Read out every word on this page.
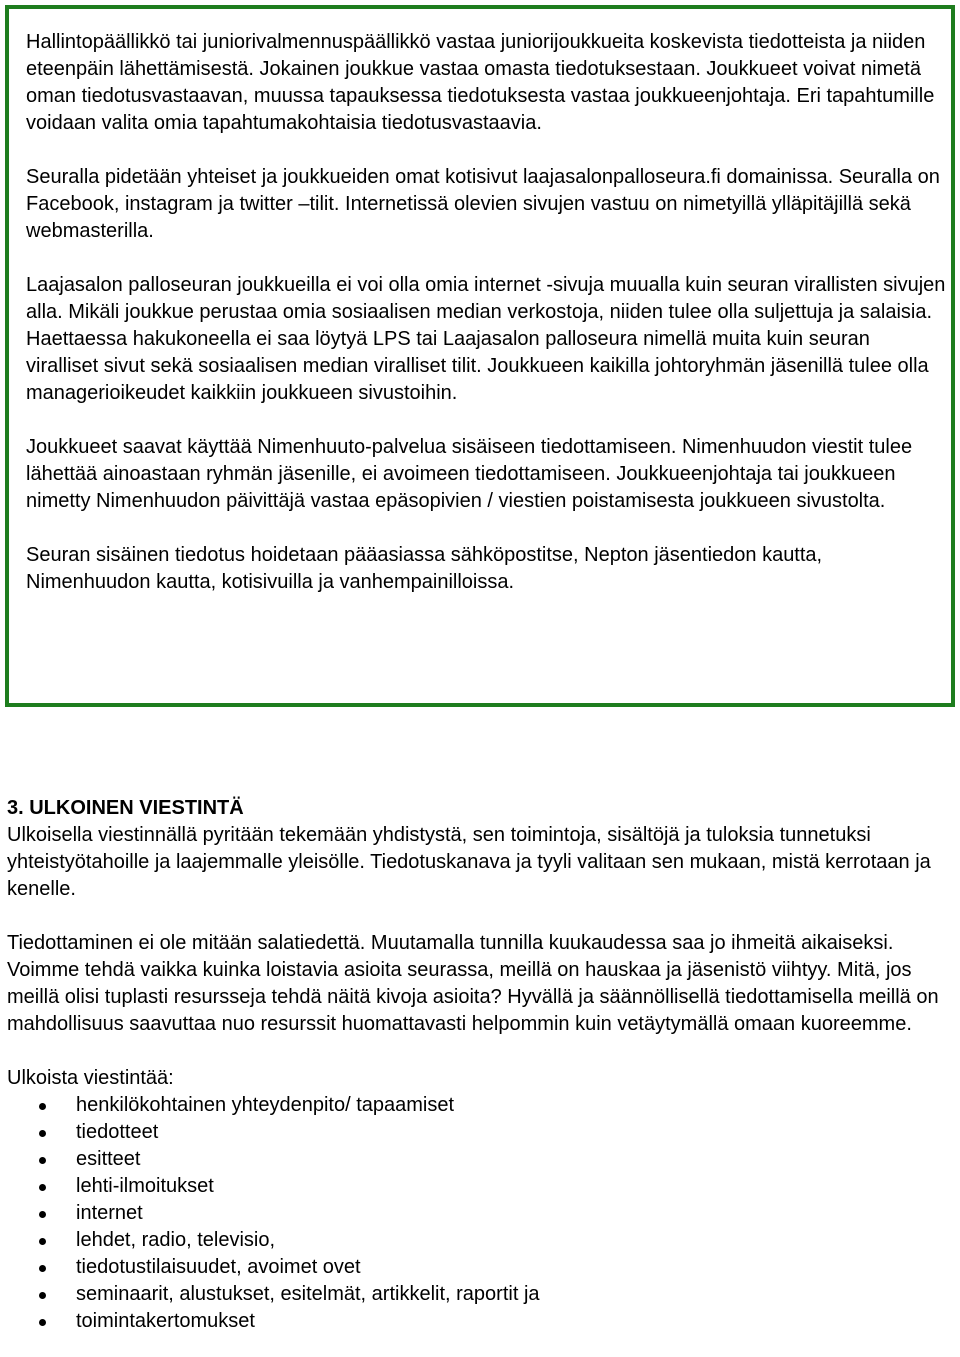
Hallintopäällikkö tai juniorivalmennuspäällikkö vastaa juniorijoukkueita koskevista tiedotteista ja niiden eteenpäin lähettämisestä. Jokainen joukkue vastaa omasta tiedotuksestaan. Joukkueet voivat nimetä oman tiedotusvastaavan, muussa tapauksessa tiedotuksesta vastaa joukkueenjohtaja. Eri tapahtumille voidaan valita omia tapahtumakohtaisia tiedotusvastaavia.

Seuralla pidetään yhteiset ja joukkueiden omat kotisivut laajasalonpalloseura.fi domainissa. Seuralla on Facebook, instagram ja twitter –tilit. Internetissä olevien sivujen vastuu on nimetyillä ylläpitäjillä sekä webmasterilla.

Laajasalon palloseuran joukkueilla ei voi olla omia internet -sivuja muualla kuin seuran virallisten sivujen alla. Mikäli joukkue perustaa omia sosiaalisen median verkostoja, niiden tulee olla suljettuja ja salaisia. Haettaessa hakukoneella ei saa löytyä LPS tai Laajasalon palloseura nimellä muita kuin seuran viralliset sivut sekä sosiaalisen median viralliset tilit. Joukkueen kaikilla johtoryhmän jäsenillä tulee olla managerioikeudet kaikkiin joukkueen sivustoihin.

Joukkueet saavat käyttää Nimenhuuto-palvelua sisäiseen tiedottamiseen. Nimenhuudon viestit tulee lähettää ainoastaan ryhmän jäsenille, ei avoimeen tiedottamiseen. Joukkueenjohtaja tai joukkueen nimetty Nimenhuudon päivittäjä vastaa epäsopivien / viestien poistamisesta joukkueen sivustolta.

Seuran sisäinen tiedotus hoidetaan pääasiassa sähköpostitse, Nepton jäsentiedon kautta, Nimenhuudon kautta, kotisivuilla ja vanhempainilloissa.

3. ULKOINEN VIESTINTÄ

Ulkoisella viestinnällä pyritään tekemään yhdistystä, sen toimintoja, sisältöjä ja tuloksia tunnetuksi yhteistyötahoille ja laajemmalle yleisölle. Tiedotuskanava ja tyyli valitaan sen mukaan, mistä kerrotaan ja kenelle.

Tiedottaminen ei ole mitään salatiedettä. Muutamalla tunnilla kuukaudessa saa jo ihmeitä aikaiseksi. Voimme tehdä vaikka kuinka loistavia asioita seurassa, meillä on hauskaa ja jäsenistö viihtyy. Mitä, jos meillä olisi tuplasti resursseja tehdä näitä kivoja asioita? Hyvällä ja säännöllisellä tiedottamisella meillä on mahdollisuus saavuttaa nuo resurssit huomattavasti helpommin kuin vetäytymällä omaan kuoreemme.

Ulkoista viestintää:
henkilökohtainen yhteydenpito/ tapaamiset
tiedotteet
esitteet
lehti-ilmoitukset
internet
lehdet, radio, televisio,
tiedotustilaisuudet, avoimet ovet
seminaarit, alustukset, esitelmät, artikkelit, raportit ja
toimintakertomukset
